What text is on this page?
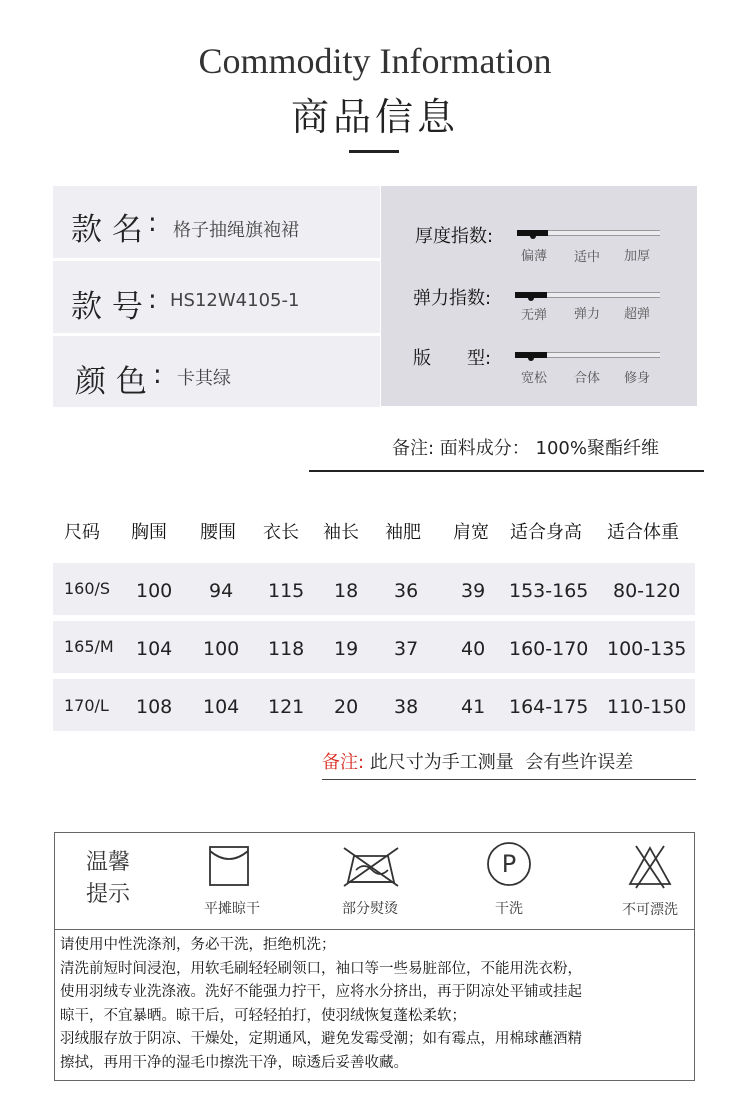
Commodity Information
商品信息
款 名 : 格子抽绳旗袍裙
款 号 : HS12W4105-1
颜 色 : 卡其绿
厚度指数:
偏薄 适中 加厚
弹力指数:
无弹 弹力 超弹
版　　型:
宽松 合体 修身
备注: 面料成分： 100%聚酯纤维
尺码 胸围 腰围 衣长 袖长 袖肥 肩宽 适合身高 适合体重
160/S 100 94 115 18 36 39 153-165 80-120
165/M 104 100 118 19 37 40 160-170 100-135
170/L 108 104 121 20 38 41 164-175 110-150
备注: 此尺寸为手工测量  会有些许误差
温馨
提示
平摊晾干	部分熨烫
P
干洗	不可漂洗
请使用中性洗涤剂，务必干洗，拒绝机洗；
清洗前短时间浸泡，用软毛刷轻轻刷领口，袖口等一些易脏部位，不能用洗衣粉，
使用羽绒专业洗涤液。洗好不能强力拧干，应将水分挤出，再于阴凉处平铺或挂起
晾干，不宜暴晒。晾干后，可轻轻拍打，使羽绒恢复蓬松柔软；
羽绒服存放于阴凉、干燥处，定期通风，避免发霉受潮；如有霉点，用棉球蘸酒精
擦拭，再用干净的湿毛巾擦洗干净，晾透后妥善收藏。
